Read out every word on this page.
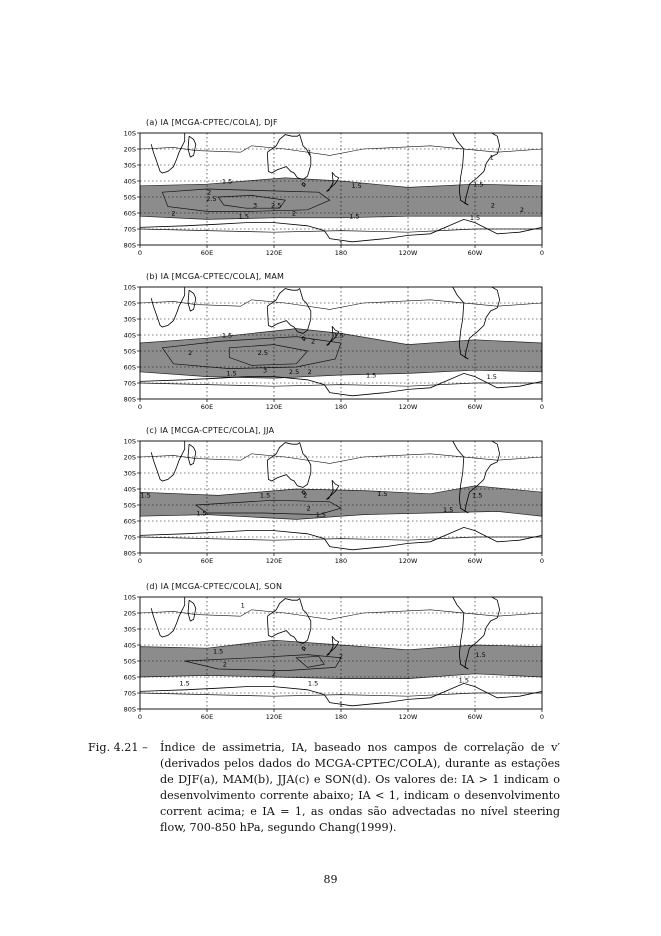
(a) IA [MCGA-CPTEC/COLA], DJF
10S
20S
30S
40S
50S
60S
70S
80S
0	60E	120E	180	120W	60W	0
1
1
1.5
2
2.5
3 2.5
2
1.5
2
1.5
1.5
1.5
2
2
1.5
1
(b) IA [MCGA-CPTEC/COLA], MAM
10S
20S
30S
40S
50S
60S
70S
80S
0	60E	120E	180	120W	60W	0
1.5
2	2.5
2
1.5
3	2.5 2
1.5	1.5	1.5
(c) IA [MCGA-CPTEC/COLA], JJA
10S
20S
30S
40S
50S
60S
70S
80S
0	60E	120E	180	120W	60W	0
1.5	1.5	2	1.5	1.5
1.5
1.5
2
1.5
(d) IA [MCGA-CPTEC/COLA], SON
10S
20S
30S
40S
50S
60S
70S
80S
0	60E	120E	180	120W	60W	0
1
1.5
2
2	1.5
2
1.5
1.5	1.5
1
Fig. 4.21 – Índice de assimetria, IA, baseado nos campos de correlação de v′ (derivados pelos dados do MCGA-CPTEC/COLA), durante as estações de DJF(a), MAM(b), JJA(c) e SON(d). Os valores de: IA > 1 indicam o desenvolvimento corrente abaixo; IA < 1, indicam o desenvolvimento corrent acima; e IA = 1, as ondas são advectadas no nível steering flow, 700-850 hPa, segundo Chang(1999).
89
